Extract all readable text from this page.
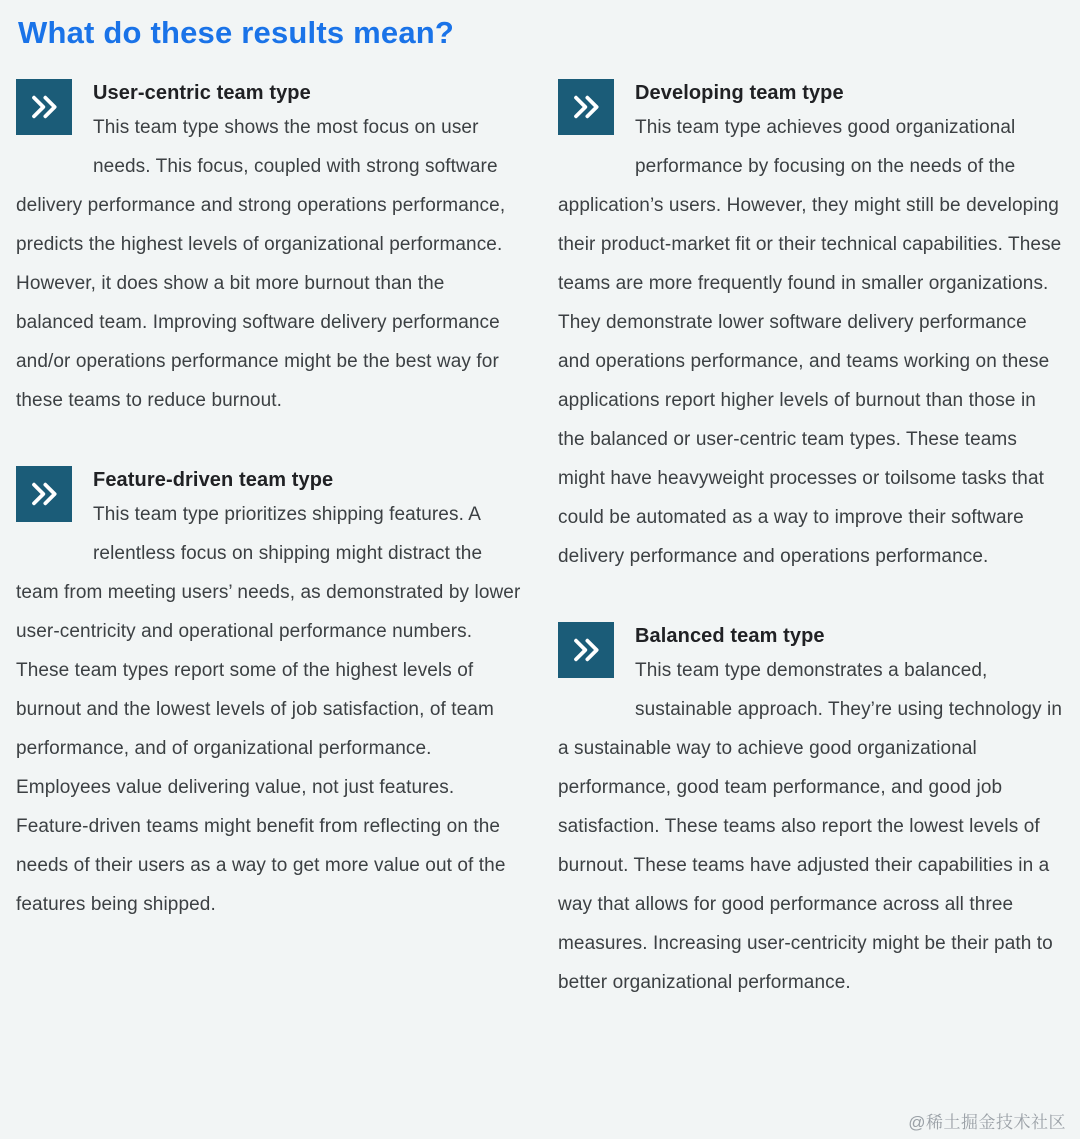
What do these results mean?
User-centric team type

This team type shows the most focus on user needs. This focus, coupled with strong software delivery performance and strong operations performance, predicts the highest levels of organizational performance. However, it does show a bit more burnout than the balanced team. Improving software delivery performance and/or operations performance might be the best way for these teams to reduce burnout.

Feature-driven team type

This team type prioritizes shipping features. A relentless focus on shipping might distract the team from meeting users’ needs, as demonstrated by lower user-centricity and operational performance numbers. These team types report some of the highest levels of burnout and the lowest levels of job satisfaction, of team performance, and of organizational performance. Employees value delivering value, not just features. Feature-driven teams might benefit from reflecting on the needs of their users as a way to get more value out of the features being shipped.

Developing team type

This team type achieves good organizational performance by focusing on the needs of the application’s users. However, they might still be developing their product-market fit or their technical capabilities. These teams are more frequently found in smaller organizations. They demonstrate lower software delivery performance and operations performance, and teams working on these applications report higher levels of burnout than those in the balanced or user-centric team types. These teams might have heavyweight processes or toilsome tasks that could be automated as a way to improve their software delivery performance and operations performance.

Balanced team type

This team type demonstrates a balanced, sustainable approach. They’re using technology in a sustainable way to achieve good organizational performance, good team performance, and good job satisfaction. These teams also report the lowest levels of burnout. These teams have adjusted their capabilities in a way that allows for good performance across all three measures. Increasing user-centricity might be their path to better organizational performance.

@稀土掘金技术社区
